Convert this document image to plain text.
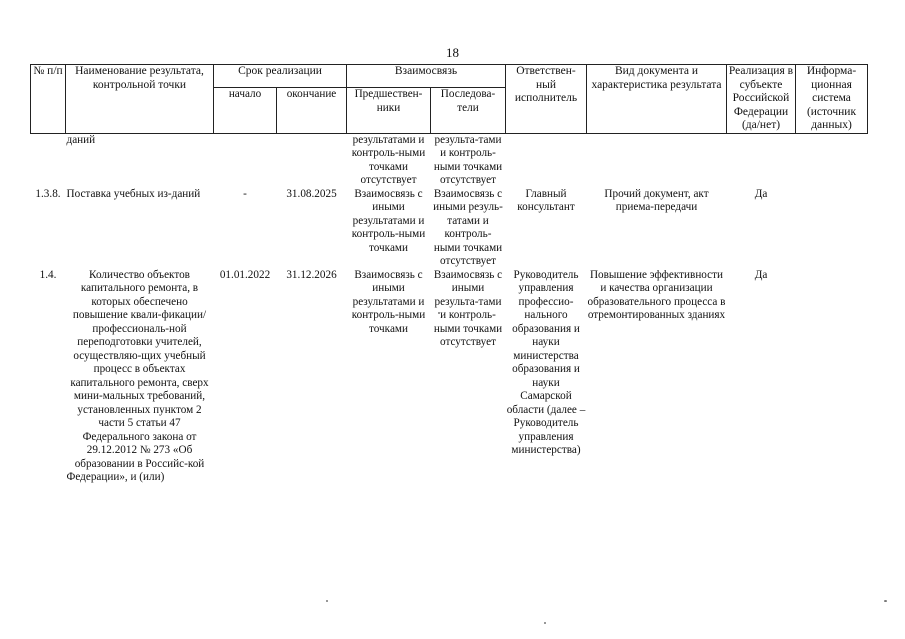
18
№ п/п	Наименование результата, контрольной точки	Срок реализации		Взаимосвязь		Ответствен-ный исполнитель	Вид документа и характеристика результата	Реализация в субъекте Российской Федерации (да/нет)	Информа-ционная система (источник данных)
		начало	окончание	Предшествен-ники	Последова-тели				
	даний			результатами и контроль-ными точками отсутствует	результа-тами и контроль-ными точками отсутствует				
1.3.8.	Поставка учебных из-даний	-	31.08.2025	Взаимосвязь с иными результатами и контроль-ными точками	Взаимосвязь с иными резуль-татами и контроль-ными точками отсутствует	Главный консультант	Прочий документ, акт приема-передачи	Да	
1.4.	Количество объектов капитального ремонта, в которых обеспечено повышение квали-фикации/профессиональ-ной переподготовки учителей, осуществляю-щих учебный процесс в объектах капитального ремонта, сверх мини-мальных требований, установленных пунктом 2 части 5 статьи 47 Федерального закона от 29.12.2012 № 273 «Об образовании в Российс-кой Федерации», и (или)	01.01.2022	31.12.2026	Взаимосвязь с иными результатами и контроль-ными точками	Взаимосвязь с иными результа-тами и контроль-ными точками отсутствует	Руководитель управления профессио-нального образования и науки министерства образования и науки Самарской области (далее – Руководитель управления министерства)	Повышение эффективности и качества организации образовательного процесса в отремонтированных зданиях	Да	
